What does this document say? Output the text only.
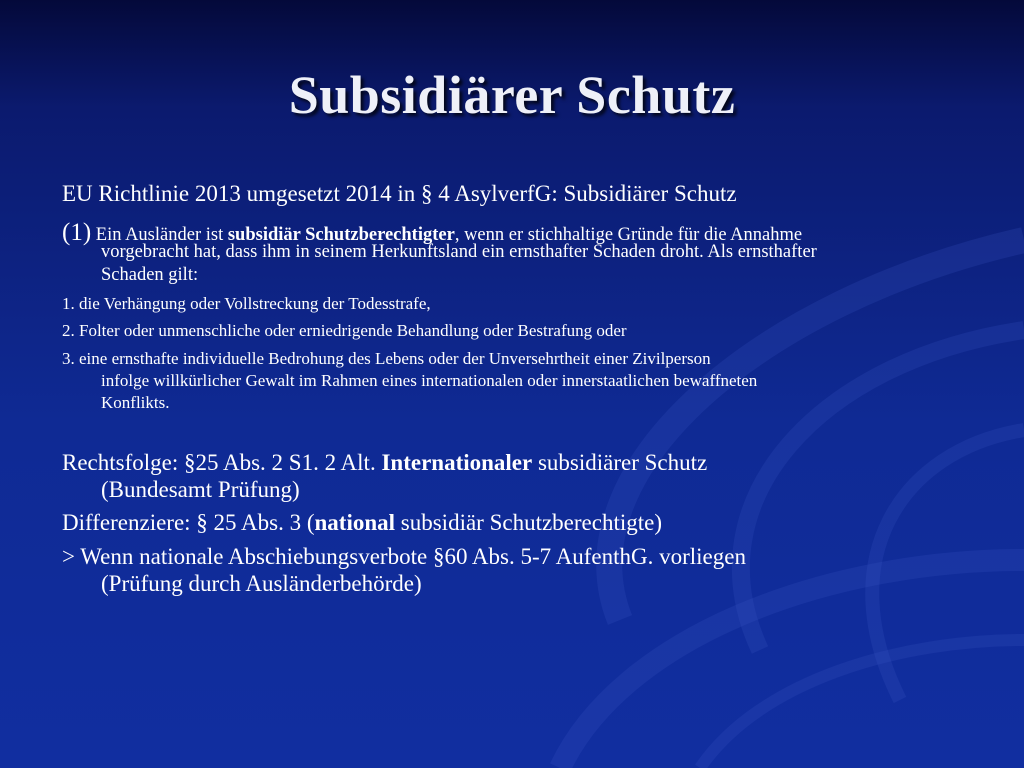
Subsidiärer Schutz

EU Richtlinie 2013 umgesetzt 2014 in § 4 AsylverfG: Subsidiärer Schutz

(1) Ein Ausländer ist subsidiär Schutzberechtigter, wenn er stichhaltige Gründe für die Annahme

vorgebracht hat, dass ihm in seinem Herkunftsland ein ernsthafter Schaden droht. Als ernsthafter

Schaden gilt:

1. die Verhängung oder Vollstreckung der Todesstrafe,

2. Folter oder unmenschliche oder erniedrigende Behandlung oder Bestrafung oder

3. eine ernsthafte individuelle Bedrohung des Lebens oder der Unversehrtheit einer Zivilperson

infolge willkürlicher Gewalt im Rahmen eines internationalen oder innerstaatlichen bewaffneten

Konflikts.

Rechtsfolge: §25 Abs. 2 S1. 2 Alt. Internationaler subsidiärer Schutz

(Bundesamt Prüfung)

Differenziere: § 25 Abs. 3 (national subsidiär Schutzberechtigte)

> Wenn nationale Abschiebungsverbote §60 Abs. 5-7 AufenthG. vorliegen

(Prüfung durch Ausländerbehörde)
